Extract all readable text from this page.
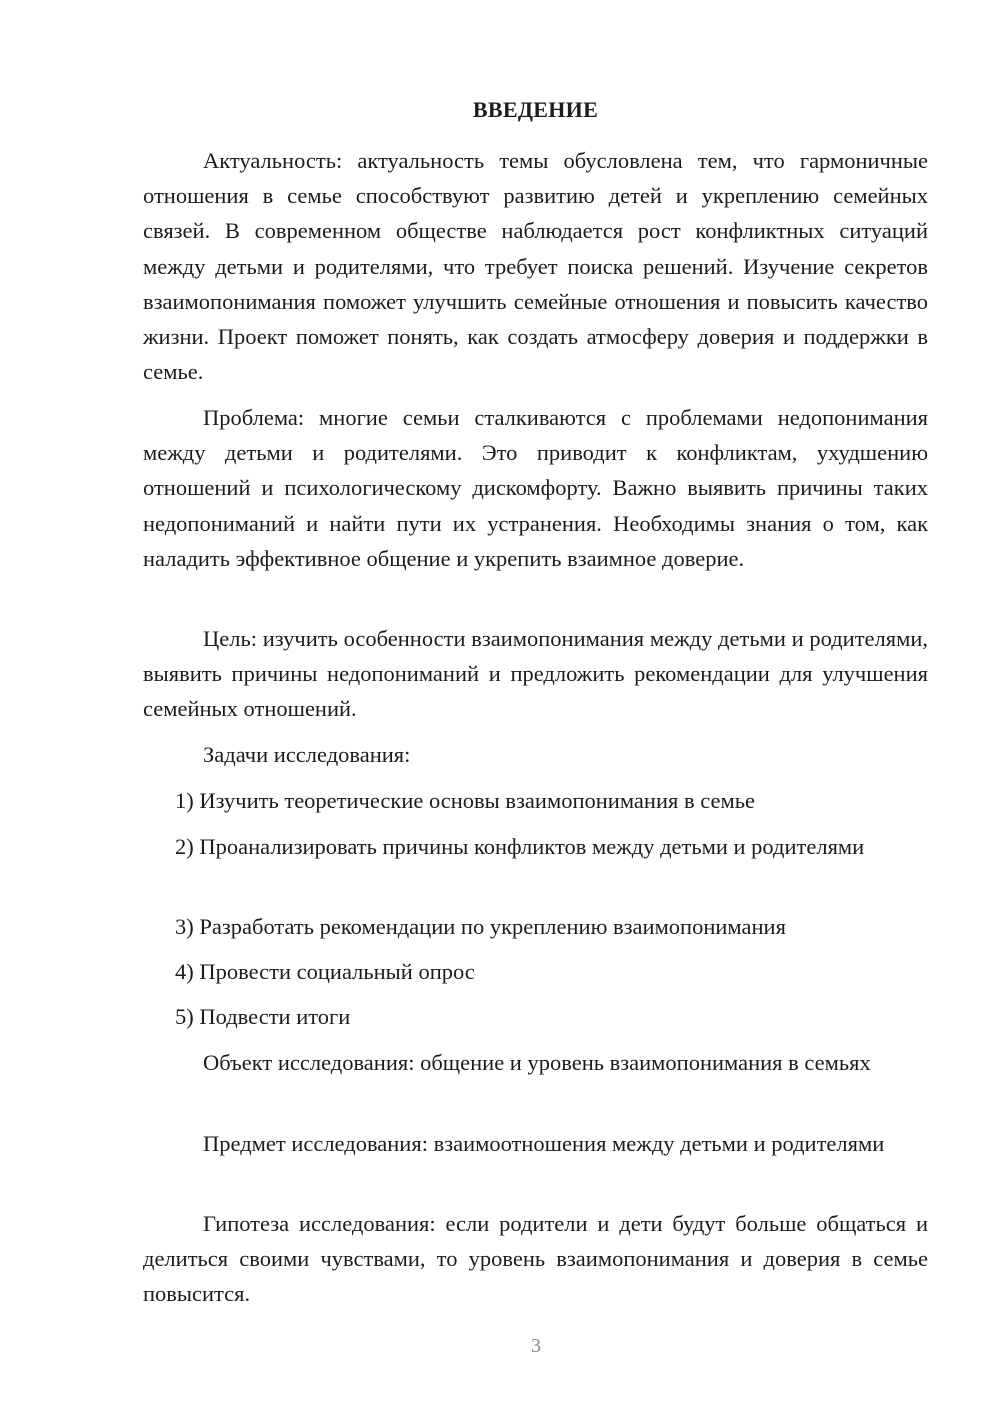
ВВЕДЕНИЕ

Актуальность: актуальность темы обусловлена тем, что гармоничные отношения в семье способствуют развитию детей и укреплению семейных связей. В современном обществе наблюдается рост конфликтных ситуаций между детьми и родителями, что требует поиска решений. Изучение секретов взаимопонимания поможет улучшить семейные отношения и повысить качество жизни. Проект поможет понять, как создать атмосферу доверия и поддержки в семье.

Проблема: многие семьи сталкиваются с проблемами недопонимания между детьми и родителями. Это приводит к конфликтам, ухудшению отношений и психологическому дискомфорту. Важно выявить причины таких недопониманий и найти пути их устранения. Необходимы знания о том, как наладить эффективное общение и укрепить взаимное доверие.

Цель: изучить особенности взаимопонимания между детьми и родителями, выявить причины недопониманий и предложить рекомендации для улучшения семейных отношений.

Задачи исследования:

1) Изучить теоретические основы взаимопонимания в семье

2) Проанализировать причины конфликтов между детьми и родителями

3) Разработать рекомендации по укреплению взаимопонимания

4) Провести социальный опрос

5) Подвести итоги

Объект исследования: общение и уровень взаимопонимания в семьях

Предмет исследования: взаимоотношения между детьми и родителями

Гипотеза исследования: если родители и дети будут больше общаться и делиться своими чувствами, то уровень взаимопонимания и доверия в семье повысится.

3
